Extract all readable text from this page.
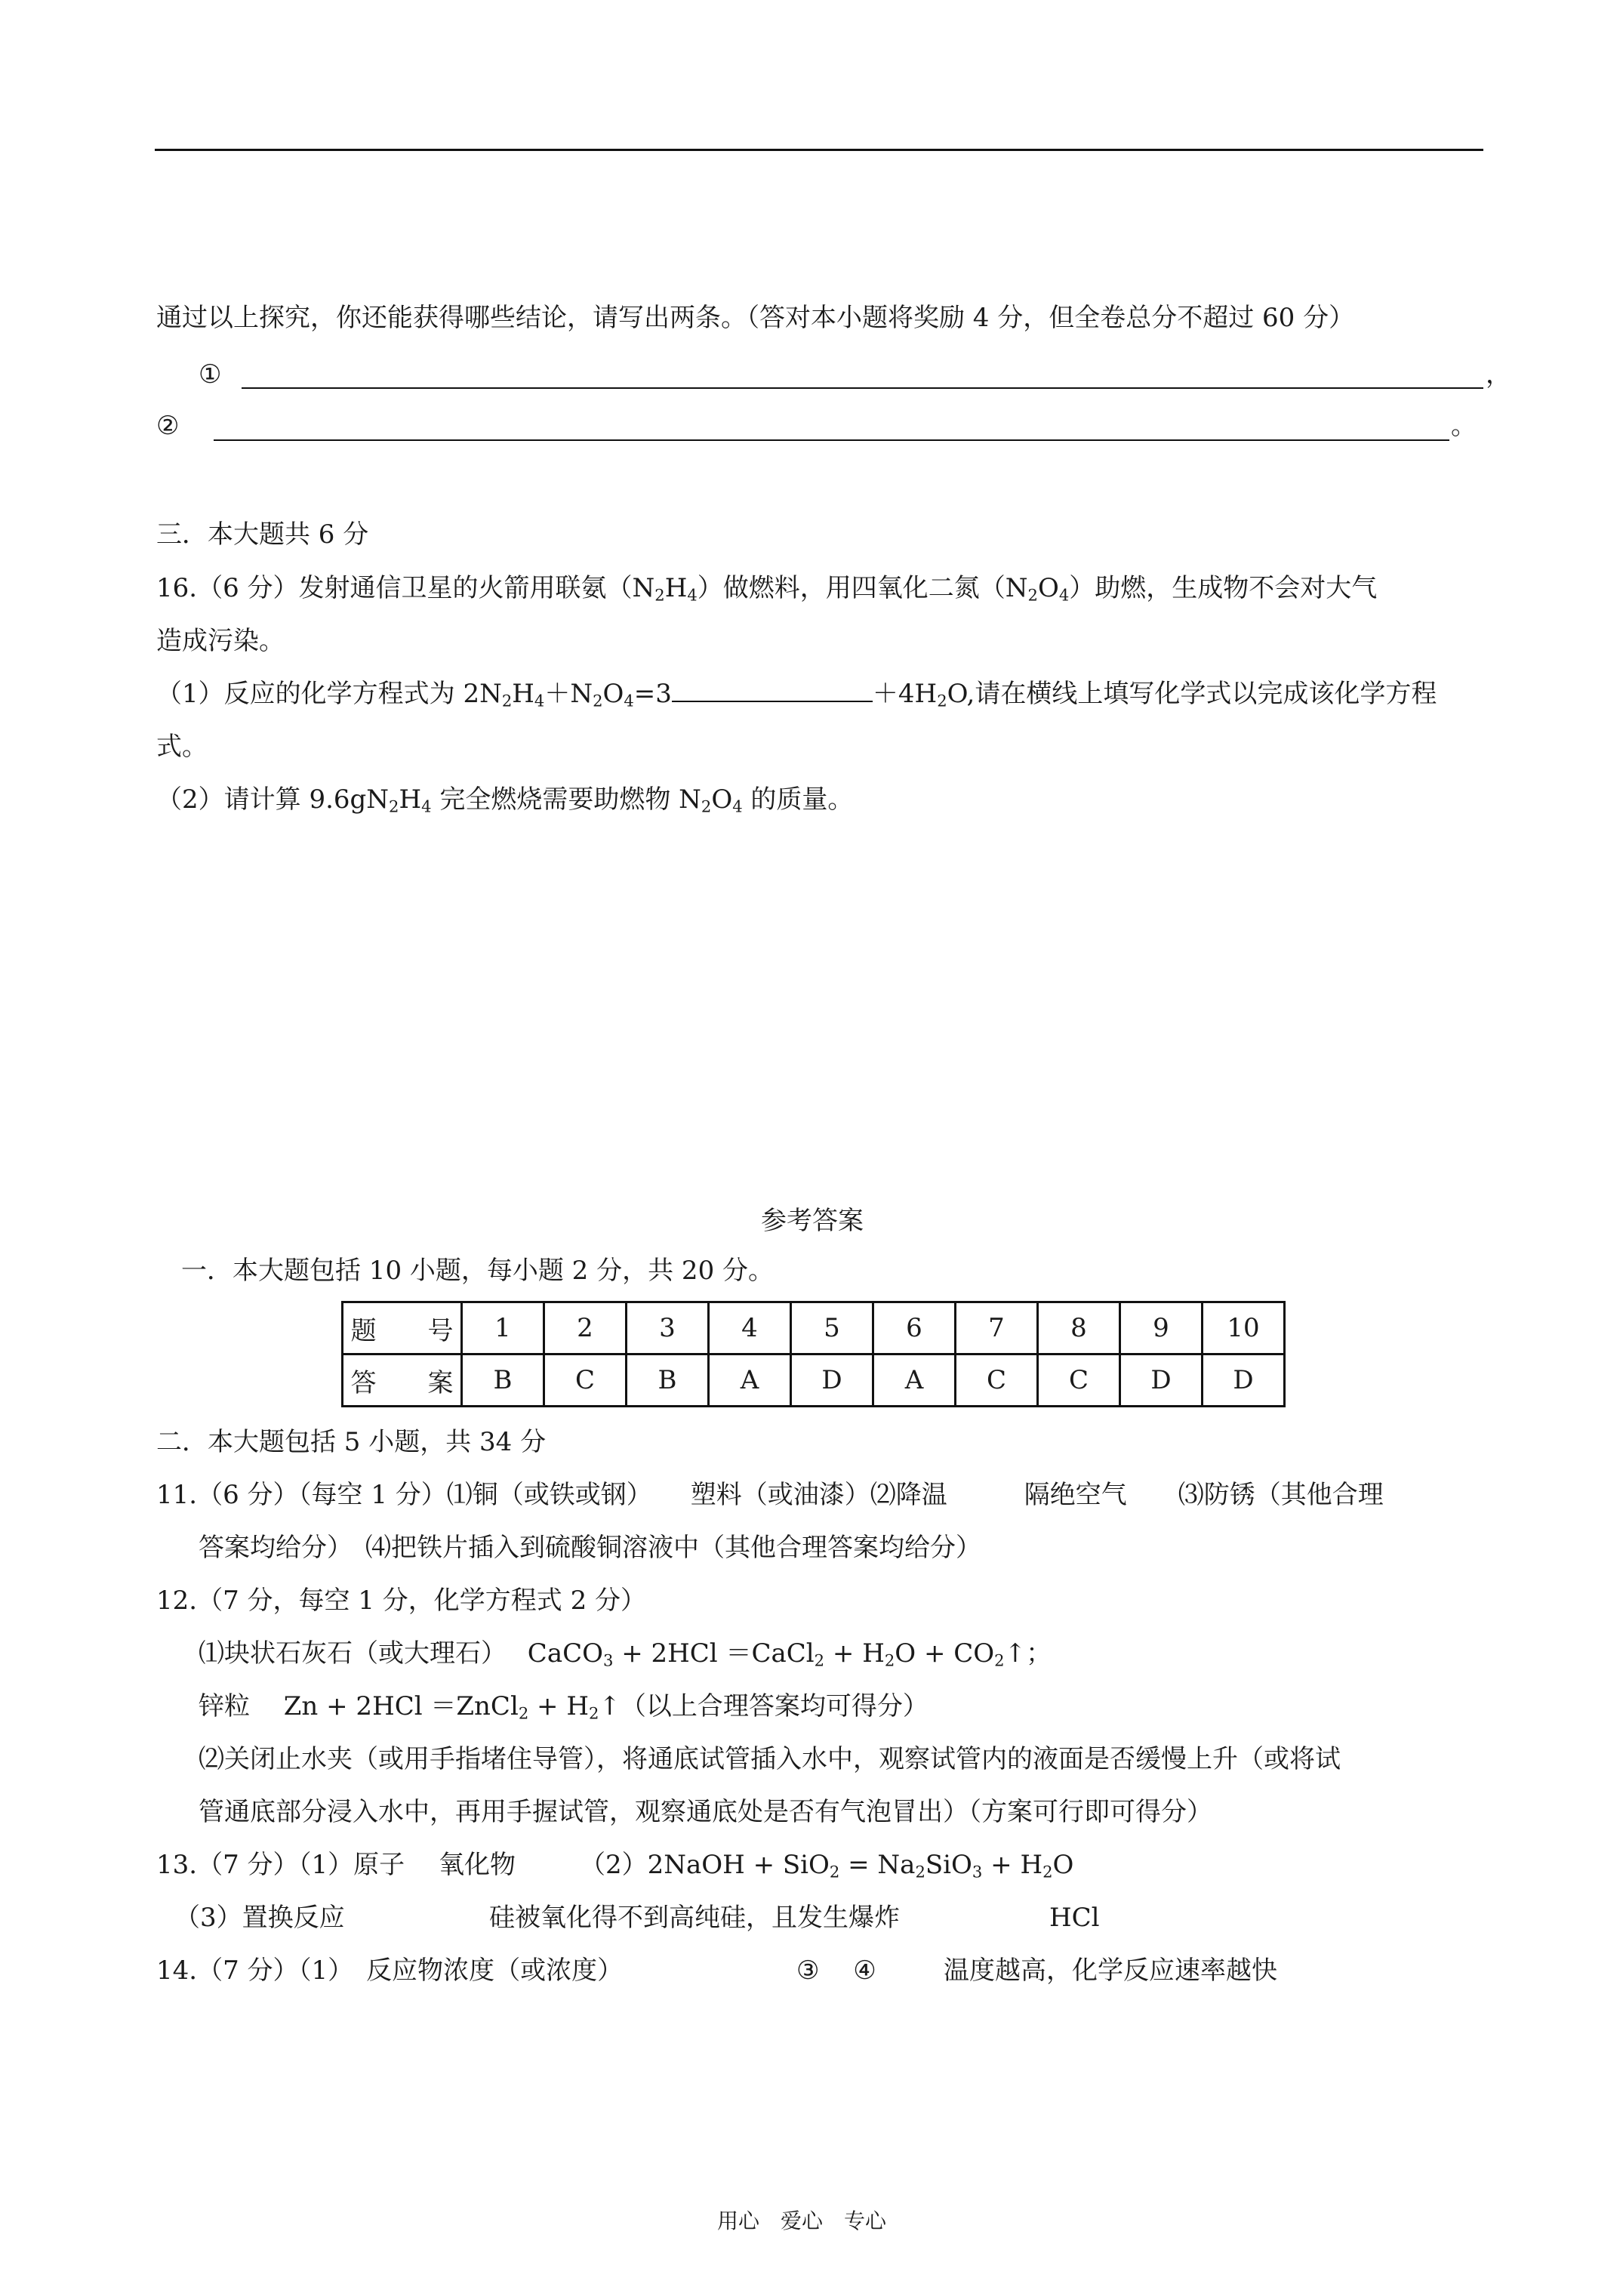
通过以上探究，你还能获得哪些结论，请写出两条。（答对本小题将奖励 4 分，但全卷总分不超过 60 分）
①	，
②	。
三．本大题共 6 分
16.（6 分）发射通信卫星的火箭用联氨$(N_2H_4)$做燃料，用四氧化二氮$(N_2O_4)$助燃，生成物不会对大气
造成污染。
（1）反应的化学方程式为 $2N_2H_4+N_2O_4=3$	$+4H_2O$,请在横线上填写化学式以完成该化学方程
式。
（2）请计算 $9.6gN_2H_4$ 完全燃烧需要助燃物 $N_2O_4$ 的质量。
参考答案
一．本大题包括 10 小题，每小题 2 分，共 20 分。
题　　号	1	2	3	4	5	6	7	8	9	10
答　　案	B	C	B	A	D	A	C	C	D	D
二．本大题包括 5 小题，共 34 分
11.（6 分）（每空 1 分）⑴铜（或铁或钢）　　塑料（或油漆）⑵降温　　　隔绝空气　　⑶防锈（其他合理
答案均给分）　⑷把铁片插入到硫酸铜溶液中（其他合理答案均给分）
12.（7 分，每空 1 分，化学方程式 2 分）
⑴块状石灰石（或大理石）　 CaCO$_3$ + 2HCl ＝CaCl$_2$ + $H_2O$ + $CO_2↑$；
锌粒　 Zn + 2HCl ＝ZnCl$_2$ + $H_2↑$（以上合理答案均可得分）
⑵关闭止水夹（或用手指堵住导管），将通底试管插入水中，观察试管内的液面是否缓慢上升（或将试
管通底部分浸入水中，再用手握试管，观察通底处是否有气泡冒出）（方案可行即可得分）
13.（7 分）（1）原子　 氧化物　　　（2）2NaOH + $SiO_2 = Na_2SiO_3 + H_2O$
（3）置换反应	硅被氧化得不到高纯硅，且发生爆炸	HCl
14.（7 分）（1）　反应物浓度（或浓度）	③　 ④	温度越高，化学反应速率越快
用心　爱心　专心
